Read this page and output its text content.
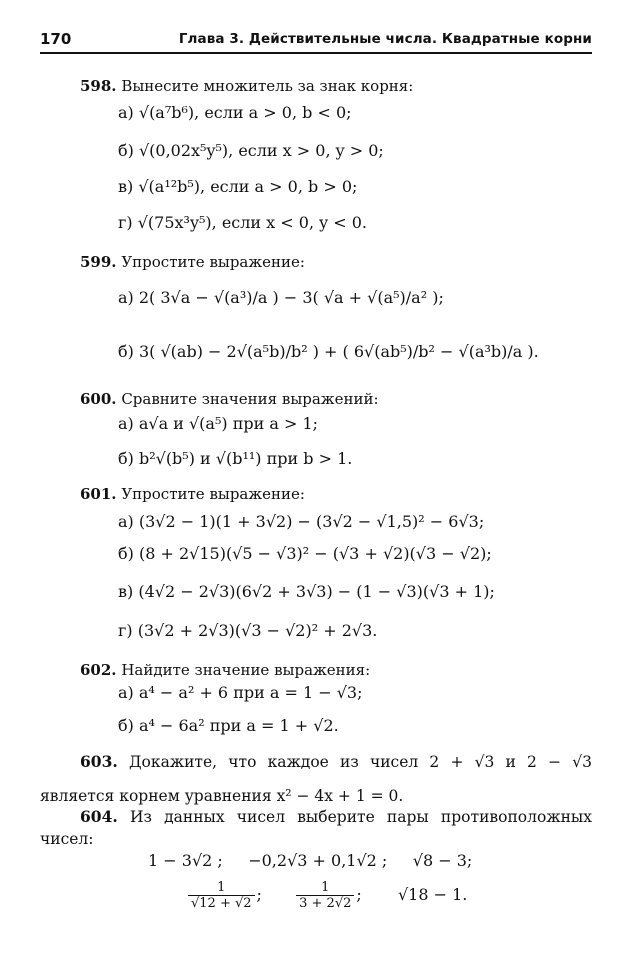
170	Глава 3. Действительные числа. Квадратные корни
598. Вынесите множитель за знак корня:
а) √(a⁷b⁶), если a > 0, b < 0;
б) √(0,02x⁵y⁵), если x > 0, y > 0;
в) √(a¹²b⁵), если a > 0, b > 0;
г) √(75x³y⁵), если x < 0, y < 0.
599. Упростите выражение:
а) 2( 3√a − √(a³)/a ) − 3( √a + √(a⁵)/a² );
б) 3( √(ab) − 2√(a⁵b)/b² ) + ( 6√(ab⁵)/b² − √(a³b)/a ).
600. Сравните значения выражений:
а) a√a и √(a⁵) при a > 1;
б) b²√(b⁵) и √(b¹¹) при b > 1.
601. Упростите выражение:
а) (3√2 − 1)(1 + 3√2) − (3√2 − √1,5)² − 6√3;
б) (8 + 2√15)(√5 − √3)² − (√3 + √2)(√3 − √2);
в) (4√2 − 2√3)(6√2 + 3√3) − (1 − √3)(√3 + 1);
г) (3√2 + 2√3)(√3 − √2)² + 2√3.
602. Найдите значение выражения:
а) a⁴ − a² + 6 при a = 1 − √3;
б) a⁴ − 6a² при a = 1 + √2.
603. Докажите, что каждое из чисел 2 + √3 и 2 − √3 является корнем уравнения x² − 4x + 1 = 0.
604. Из данных чисел выберите пары противоположных чисел:
1 − 3√2 ;     −0,2√3 + 0,1√2 ;     √8 − 3;
$\frac{1}{√12 + √2}$ ; $\frac{1}{3 + 2√2}$ ;  √18 − 1.
